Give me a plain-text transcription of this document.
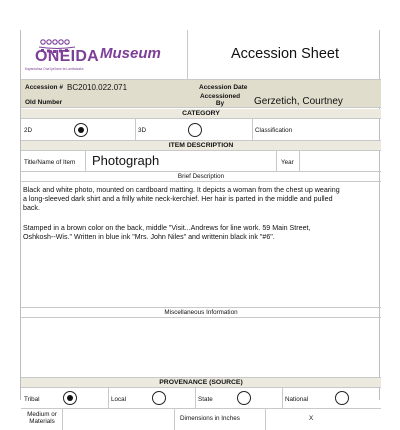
ONEIDA
Kayanlahsa Onaʔyaʔane·ta Laotiwisaks
Museum	Accession Sheet
Accession # BC2010.022.071	Accession Date
Old Number
Accessioned
By	Gerzetich, Courtney
CATEGORY
2D	3D	Classification
ITEM DESCRIPTION
Title/Name of Item Photograph	Year
Brief Description
Black and white photo, mounted on cardboard matting. It depicts a woman from the chest up wearing
a long-sleeved dark shirt and a frilly white neck-kerchief. Her hair is parted in the middle and pulled
back.
Stamped in a brown color on the back, middle "Visit...Andrews for line work. 59 Main Street,
Oshkosh--Wis." Written in blue ink "Mrs. John Niles" and writtenin black ink "#6".
Miscellaneous Information
PROVENANCE (SOURCE)
Tribal	Local	State	National
Medium or
Materials	Dimensions in Inches	X
